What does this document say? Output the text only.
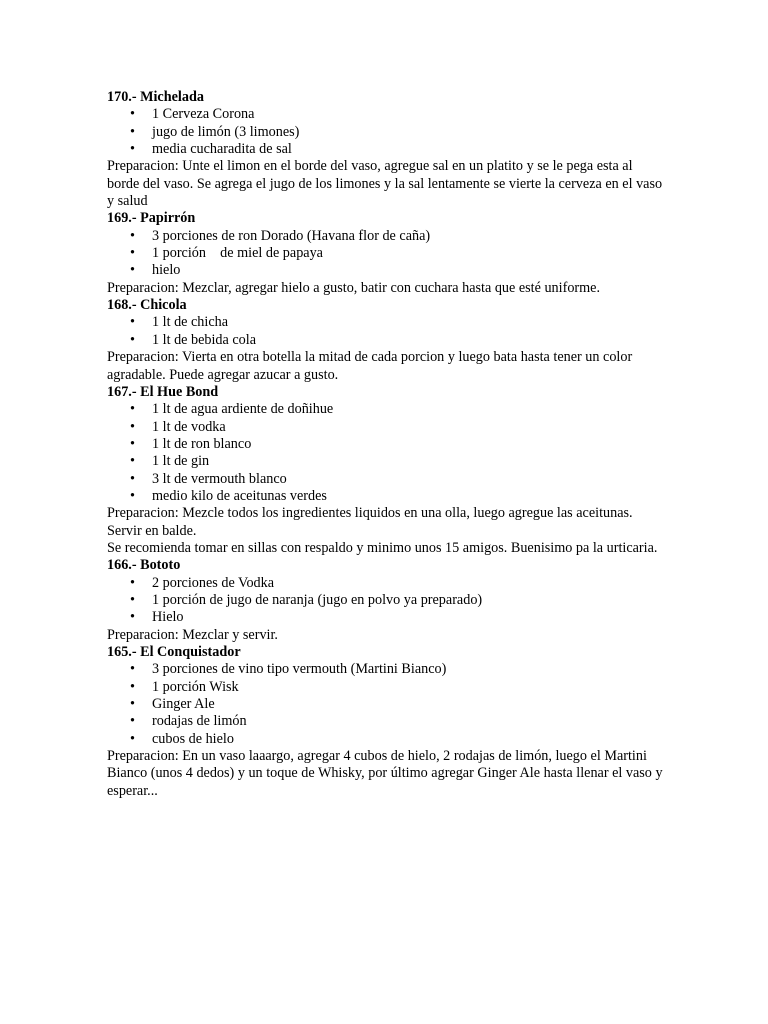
170.- Michelada

• 1 Cerveza Corona
• jugo de limón (3 limones)
• media cucharadita de sal

Preparacion: Unte el limon en el borde del vaso, agregue sal en un platito y se le pega esta al borde del vaso. Se agrega el jugo de los limones y la sal lentamente se vierte la cerveza en el vaso y salud

169.- Papirrón

• 3 porciones de ron Dorado (Havana flor de caña)
• 1 porción    de miel de papaya
• hielo

Preparacion: Mezclar, agregar hielo a gusto, batir con cuchara hasta que esté uniforme.

168.- Chicola

• 1 lt de chicha
• 1 lt de bebida cola

Preparacion: Vierta en otra botella la mitad de cada porcion y luego bata hasta tener un color agradable. Puede agregar azucar a gusto.

167.- El Hue Bond

• 1 lt de agua ardiente de doñihue
• 1 lt de vodka
• 1 lt de ron blanco
• 1 lt de gin
• 3 lt de vermouth blanco
• medio kilo de aceitunas verdes

Preparacion: Mezcle todos los ingredientes liquidos en una olla, luego agregue las aceitunas. Servir en balde.

Se recomienda tomar en sillas con respaldo y minimo unos 15 amigos. Buenisimo pa la urticaria.

166.- Bototo

• 2 porciones de Vodka
• 1 porción de jugo de naranja (jugo en polvo ya preparado)
• Hielo

Preparacion: Mezclar y servir.

165.- El Conquistador

• 3 porciones de vino tipo vermouth (Martini Bianco)
• 1 porción Wisk
• Ginger Ale
• rodajas de limón
• cubos de hielo

Preparacion: En un vaso laaargo, agregar 4 cubos de hielo, 2 rodajas de limón, luego el Martini Bianco (unos 4 dedos) y un toque de Whisky, por último agregar Ginger Ale hasta llenar el vaso y esperar...
